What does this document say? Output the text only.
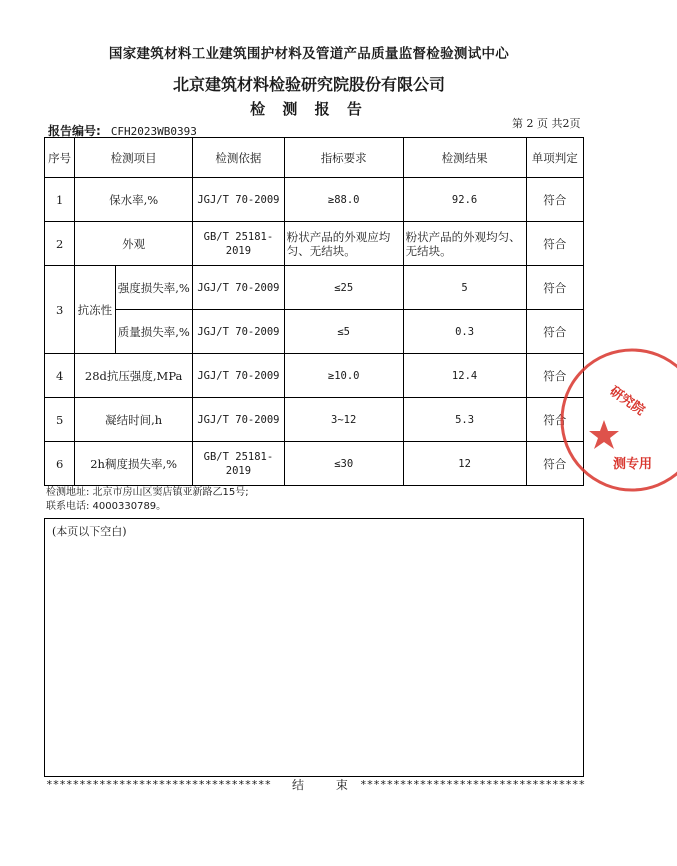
国家建筑材料工业建筑围护材料及管道产品质量监督检验测试中心
北京建筑材料检验研究院股份有限公司
检 测 报 告
报告编号: CFH2023WB0393
第 2 页 共2页
序号	检测项目		检测依据	指标要求	检测结果	单项判定
1	保水率,%		JGJ/T 70-2009	≥88.0	92.6	符合
2	外观		GB/T 25181-2019	粉状产品的外观应均匀、无结块。	粉状产品的外观均匀、无结块。	符合
3	抗冻性	强度损失率,%	JGJ/T 70-2009	≤25	5	符合
		质量损失率,%	JGJ/T 70-2009	≤5	0.3	符合
4	28d抗压强度,MPa		JGJ/T 70-2009	≥10.0	12.4	符合
5	凝结时间,h		JGJ/T 70-2009	3~12	5.3	符合
6	2h稠度损失率,%		GB/T 25181-2019	≤30	12	符合
检测地址: 北京市房山区窦店镇亚新路乙15号;
联系电话: 4000330789。
(本页以下空白)
********************************** 结 束
**********************************
研究院
测专用
